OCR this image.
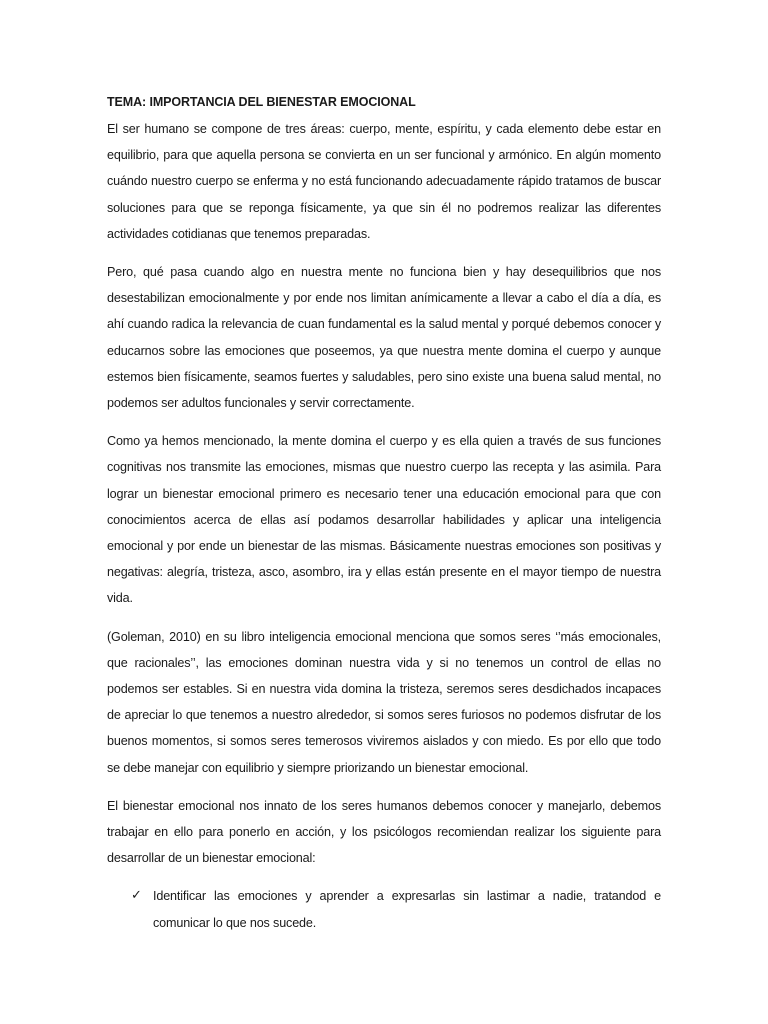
TEMA: IMPORTANCIA DEL BIENESTAR EMOCIONAL

El ser humano se compone de tres áreas: cuerpo, mente, espíritu, y cada elemento debe estar en equilibrio, para que aquella persona se convierta en un ser funcional y armónico. En algún momento cuándo nuestro cuerpo se enferma y no está funcionando adecuadamente rápido tratamos de buscar soluciones para que se reponga físicamente, ya que sin él no podremos realizar las diferentes actividades cotidianas que tenemos preparadas.

Pero, qué pasa cuando algo en nuestra mente no funciona bien y hay desequilibrios que nos desestabilizan emocionalmente y por ende nos limitan anímicamente a llevar a cabo el día a día, es ahí cuando radica la relevancia de cuan fundamental es la salud mental y porqué debemos conocer y educarnos sobre las emociones que poseemos, ya que nuestra mente domina el cuerpo y aunque estemos bien físicamente, seamos fuertes y saludables, pero sino existe una buena salud mental, no podemos ser adultos funcionales y servir correctamente.

Como ya hemos mencionado, la mente domina el cuerpo y es ella quien a través de sus funciones cognitivas nos transmite las emociones, mismas que nuestro cuerpo las recepta y las asimila. Para lograr un bienestar emocional primero es necesario tener una educación emocional para que con conocimientos acerca de ellas así podamos desarrollar habilidades y aplicar una inteligencia emocional y por ende un bienestar de las mismas. Básicamente nuestras emociones son positivas y negativas: alegría, tristeza, asco, asombro, ira y ellas están presente en el mayor tiempo de nuestra vida.

(Goleman, 2010) en su libro inteligencia emocional menciona que somos seres ‘’más emocionales, que racionales’’, las emociones dominan nuestra vida y si no tenemos un control de ellas no podemos ser estables. Si en nuestra vida domina la tristeza, seremos seres desdichados incapaces de apreciar lo que tenemos a nuestro alrededor, si somos seres furiosos no podemos disfrutar de los buenos momentos, si somos seres temerosos viviremos aislados y con miedo. Es por ello que todo se debe manejar con equilibrio y siempre priorizando un bienestar emocional.

El bienestar emocional nos innato de los seres humanos debemos conocer y manejarlo, debemos trabajar en ello para ponerlo en acción, y los psicólogos recomiendan realizar los siguiente para desarrollar de un bienestar emocional:

✓ Identificar las emociones y aprender a expresarlas sin lastimar a nadie, tratandod e comunicar lo que nos sucede.
